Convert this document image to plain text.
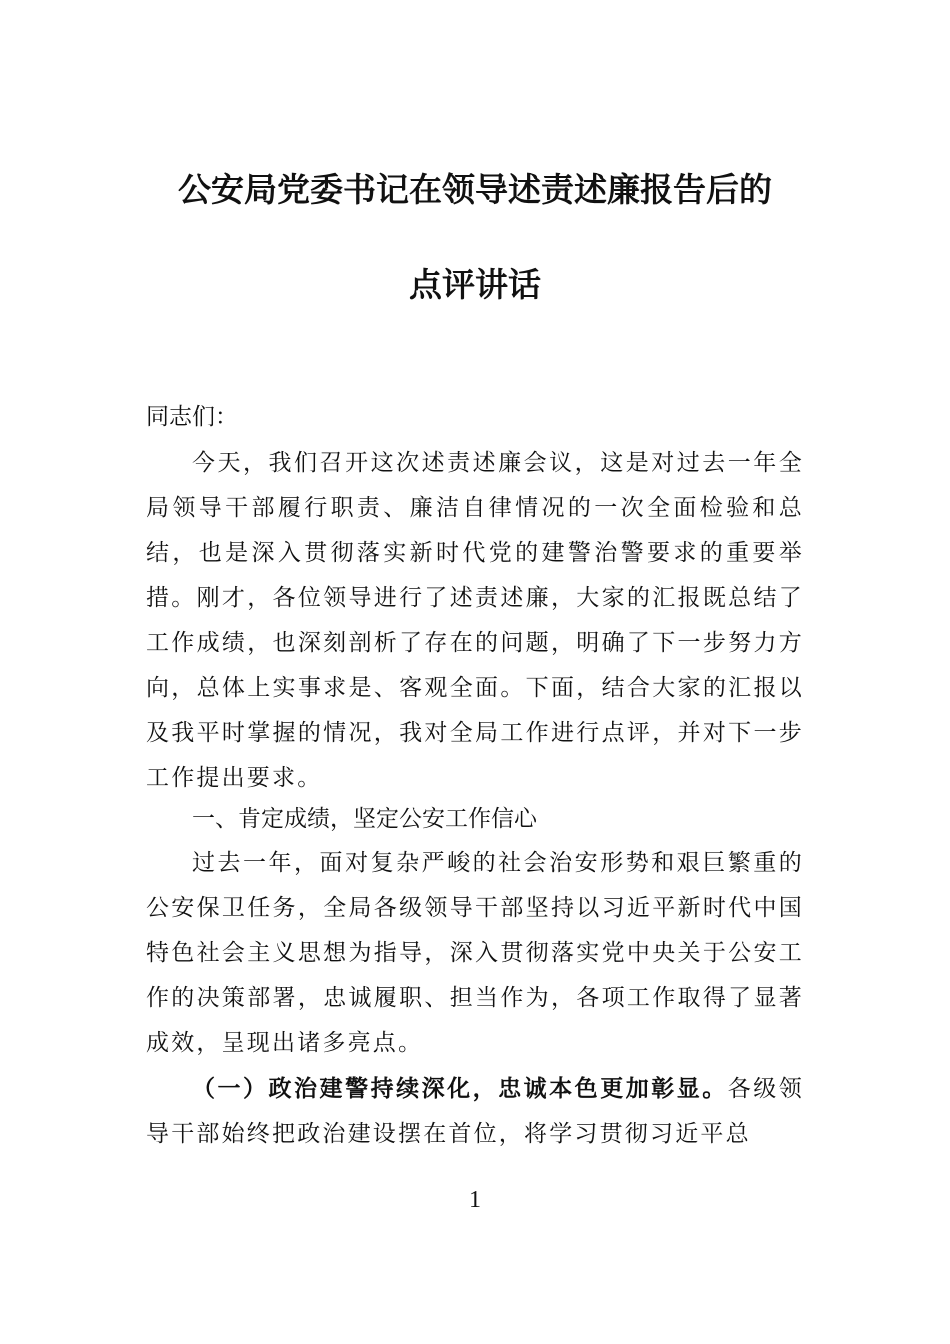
公安局党委书记在领导述责述廉报告后的
点评讲话

同志们：

今天，我们召开这次述责述廉会议，这是对过去一年全局领导干部履行职责、廉洁自律情况的一次全面检验和总结，也是深入贯彻落实新时代党的建警治警要求的重要举措。刚才，各位领导进行了述责述廉，大家的汇报既总结了工作成绩，也深刻剖析了存在的问题，明确了下一步努力方向，总体上实事求是、客观全面。下面，结合大家的汇报以及我平时掌握的情况，我对全局工作进行点评，并对下一步工作提出要求。

一、肯定成绩，坚定公安工作信心

过去一年，面对复杂严峻的社会治安形势和艰巨繁重的公安保卫任务，全局各级领导干部坚持以习近平新时代中国特色社会主义思想为指导，深入贯彻落实党中央关于公安工作的决策部署，忠诚履职、担当作为，各项工作取得了显著成效，呈现出诸多亮点。

（一）政治建警持续深化，忠诚本色更加彰显。各级领导干部始终把政治建设摆在首位，将学习贯彻习近平总

1
